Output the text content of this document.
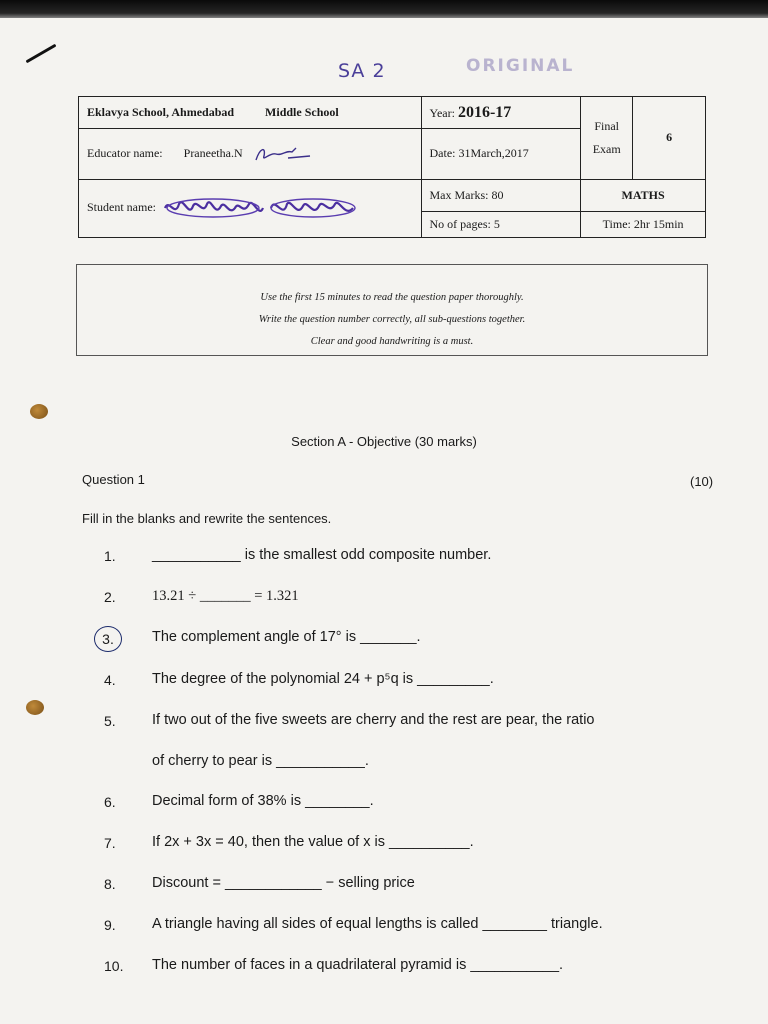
SA 2	ORIGINAL
Eklavya School, Ahmedabad Middle School	Year: 2016-17	Final
Exam	6
Educator name: Praneetha.N	Date: 31March,2017		
Student name:	Max Marks: 80	MATHS	
	No of pages: 5	Time: 2hr 15min	

Use the first 15 minutes to read the question paper thoroughly.

Write the question number correctly, all sub-questions together.

Clear and good handwriting is a must.

Section A - Objective (30 marks)
Question 1	(10)
Fill in the blanks and rewrite the sentences.
1.	___________ is the smallest odd composite number.
2.	13.21 ÷ _______ = 1.321
3.	The complement angle of 17° is _______.
4.	The degree of the polynomial 24 + p⁵q is _________.
5.	If two out of the five sweets are cherry and the rest are pear, the ratio
of cherry to pear is ___________.
6.	Decimal form of 38% is ________.
7.	If 2x + 3x = 40, then the value of x is __________.
8.	Discount = ____________ − selling price
9.	A triangle having all sides of equal lengths is called ________ triangle.
10. The number of faces in a quadrilateral pyramid is ___________.
